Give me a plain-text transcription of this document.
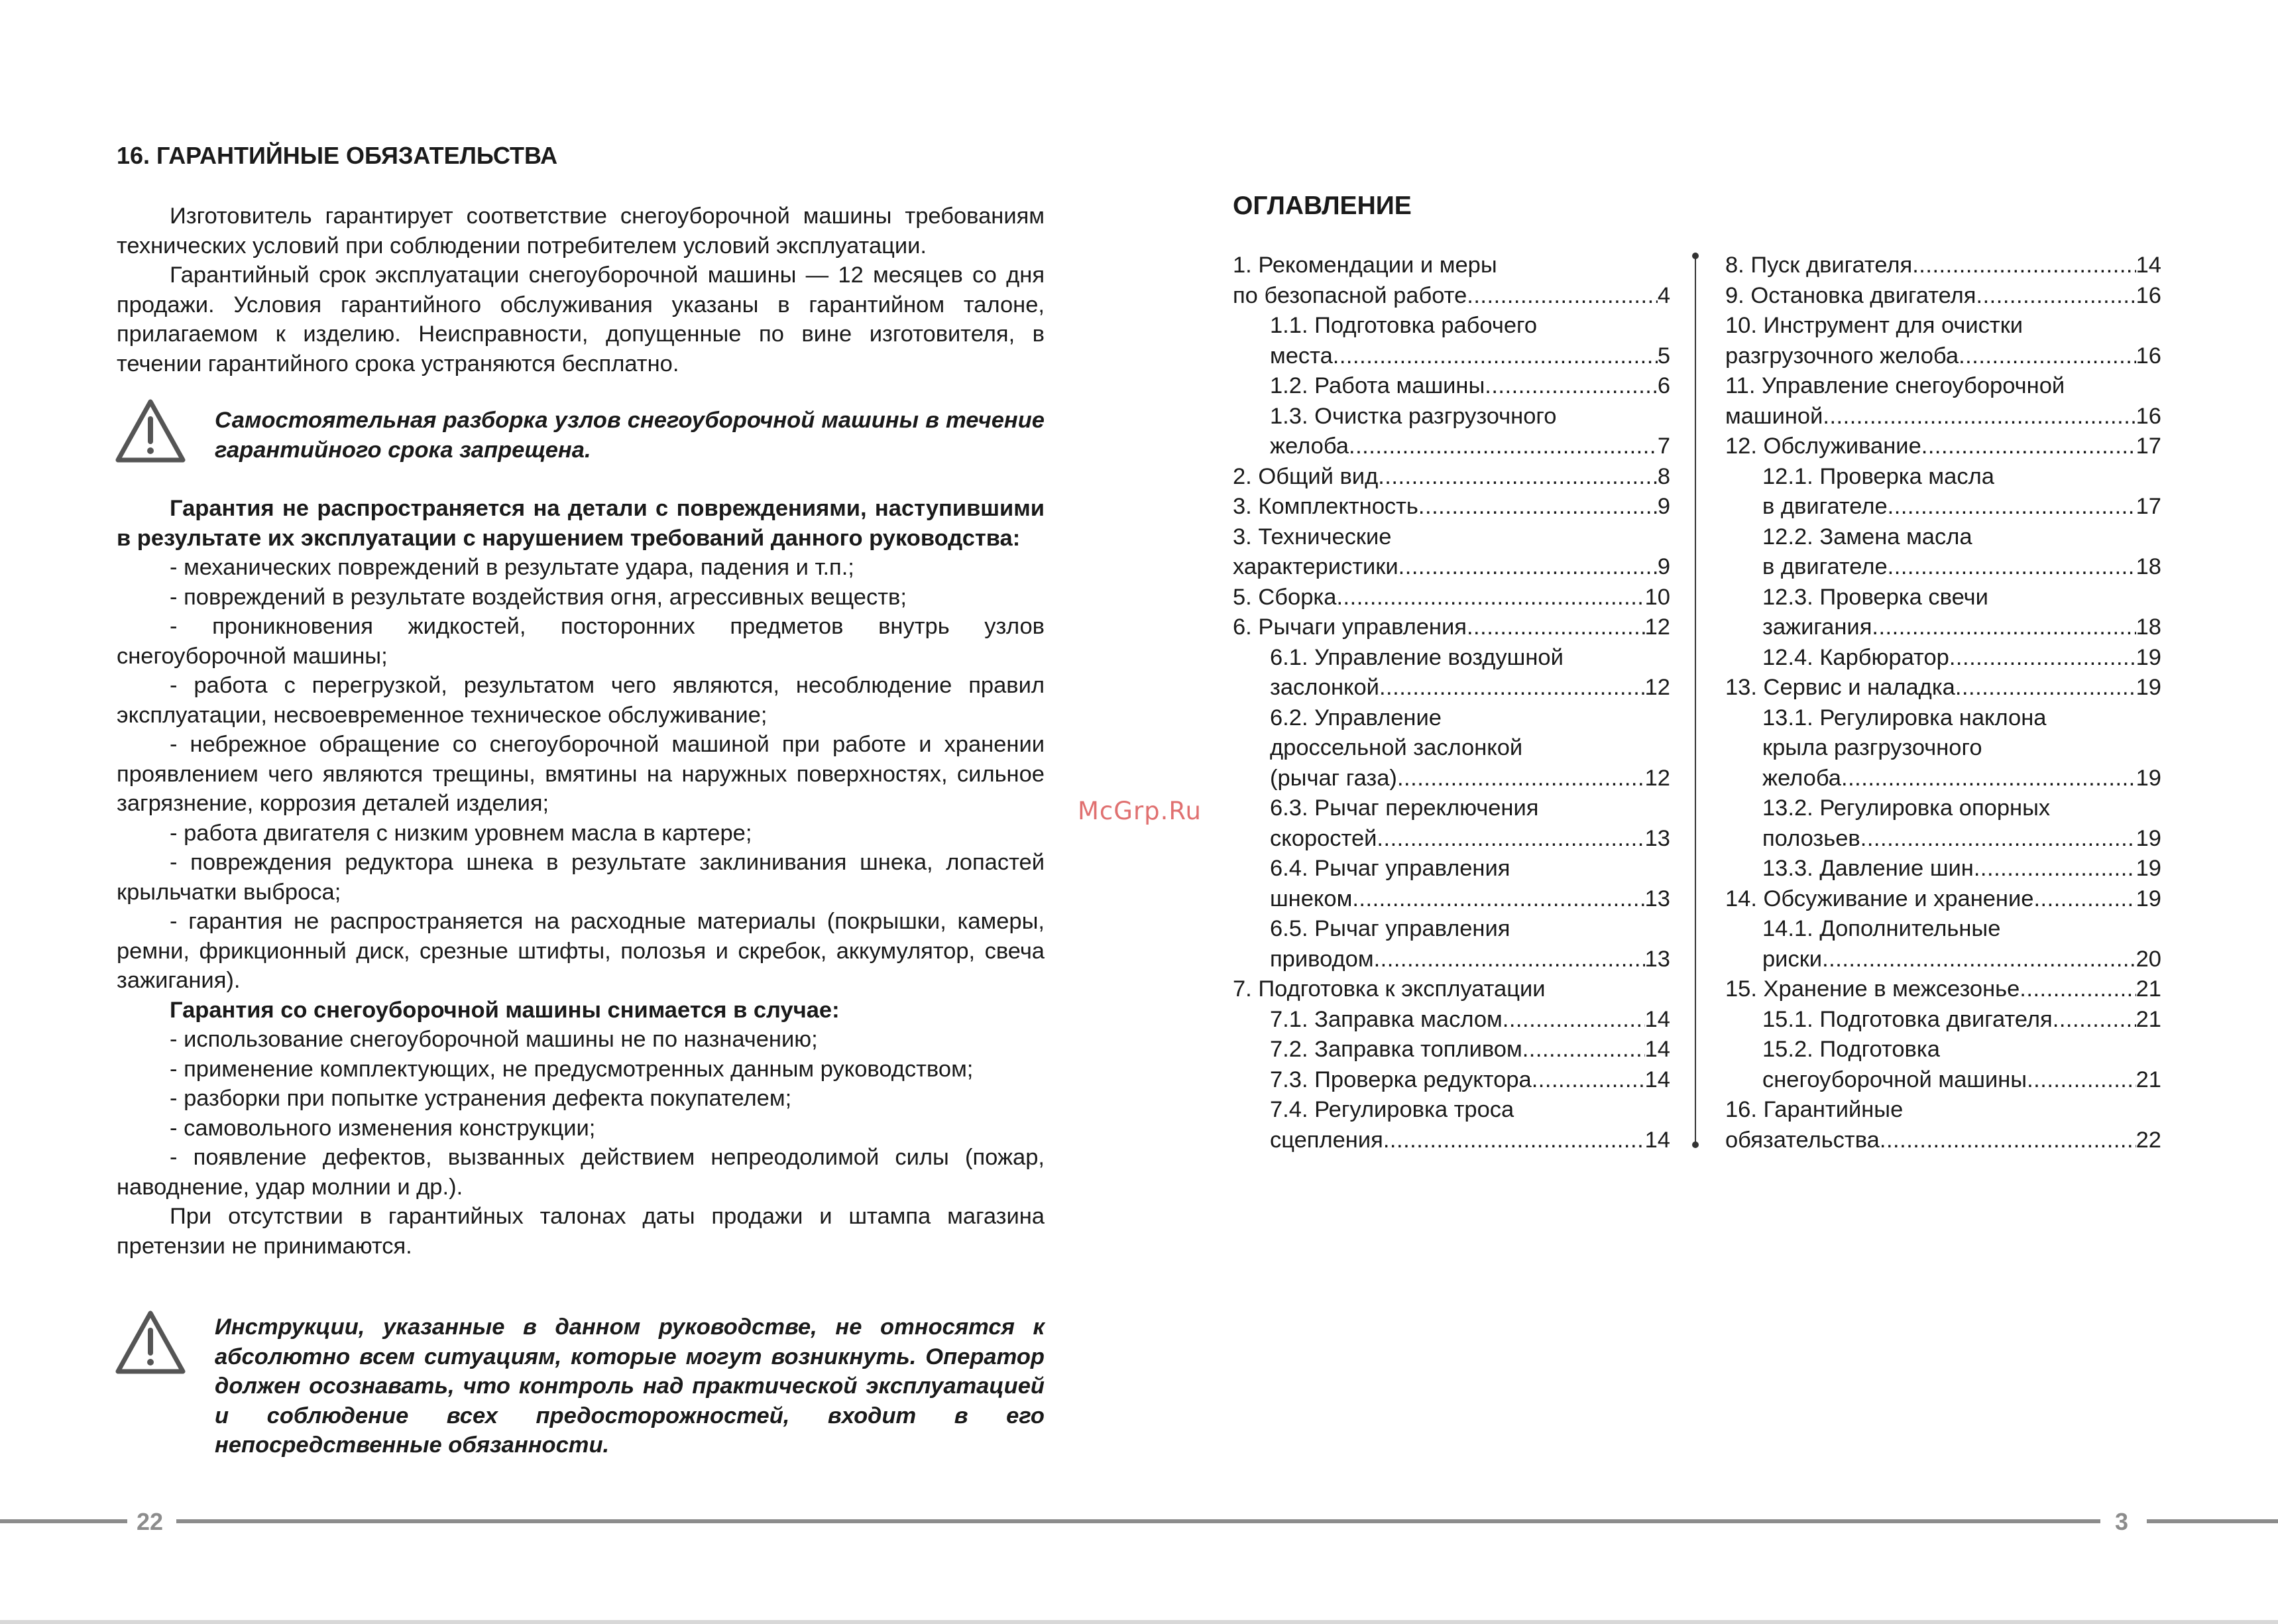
16. ГАРАНТИЙНЫЕ ОБЯЗАТЕЛЬСТВА

Изготовитель гарантирует соответствие снегоуборочной машины требованиям технических условий при соблюдении потребителем условий эксплуатации.

Гарантийный срок эксплуатации снегоуборочной машины — 12 месяцев со дня продажи. Условия гарантийного обслуживания указаны в гарантийном талоне, прилагаемом к изделию. Неисправности, допущенные по вине изготовителя, в течении гарантийного срока устраняются бесплатно.

Самостоятельная разборка узлов снегоуборочной машины в течение гарантийного срока запрещена.

Гарантия не распространяется на детали с повреждениями, наступившими в результате их эксплуатации с нарушением требований данного руководства:

- механических повреждений в результате удара, падения и т.п.;

- повреждений в результате воздействия огня, агрессивных веществ;

- проникновения жидкостей, посторонних предметов внутрь узлов снегоуборочной машины;

- работа с перегрузкой, результатом чего являются, несоблюдение правил эксплуатации, несвоевременное техническое обслуживание;

- небрежное обращение со снегоуборочной машиной при работе и хранении проявлением чего являются трещины, вмятины на наружных поверхностях, сильное загрязнение, коррозия деталей изделия;

- работа двигателя с низким уровнем масла в картере;

- повреждения редуктора шнека в результате заклинивания шнека, лопастей крыльчатки выброса;

- гарантия не распространяется на расходные материалы (покрышки, камеры, ремни, фрикционный диск, срезные штифты, полозья и скребок, аккумулятор, свеча зажигания).

Гарантия со снегоуборочной машины снимается в случае:

- использование снегоуборочной машины не по назначению;

- применение комплектующих, не предусмотренных данным руководством;

- разборки при попытке устранения дефекта покупателем;

- самовольного изменения конструкции;

- появление дефектов, вызванных действием непреодолимой силы (пожар, наводнение, удар молнии и др.).

При отсутствии в гарантийных талонах даты продажи и штампа магазина претензии не принимаются.

Инструкции, указанные в данном руководстве, не относятся к абсолютно всем ситуациям, которые могут возникнуть. Оператор должен осознавать, что контроль над практической эксплуатацией и соблюдение всех предосторожностей, входит в его непосредственные обязанности.

22
McGrp.Ru
3
ОГЛАВЛЕНИЕ
1. Рекомендации и меры
по безопасной работе .....	4
1.1. Подготовка рабочего
места .....	5
1.2. Работа машины .....	6
1.3. Очистка разгрузочного
желоба .....	7
2. Общий вид .....	8
3. Комплектность .....	9
3. Технические
характеристики .....	9
5. Сборка .....	10
6. Рычаги управления .....	12
6.1. Управление воздушной
заслонкой .....	12
6.2. Управление
дроссельной заслонкой
(рычаг газа) .....	12
6.3. Рычаг переключения
скоростей .....	13
6.4. Рычаг управления
шнеком .....	13
6.5. Рычаг управления
приводом .....	13
7. Подготовка к эксплуатации
7.1. Заправка маслом .....	14
7.2. Заправка топливом .....	14
7.3. Проверка редуктора .....	14
7.4. Регулировка троса
сцепления .....	14
8. Пуск двигателя .....	14
9. Остановка двигателя .....	16
10. Инструмент для очистки
разгрузочного желоба .....	16
11. Управление снегоуборочной
машиной .....	16
12. Обслуживание .....	17
12.1. Проверка масла
в двигателе .....	17
12.2. Замена масла
в двигателе .....	18
12.3. Проверка свечи
зажигания .....	18
12.4. Карбюратор .....	19
13. Сервис и наладка .....	19
13.1. Регулировка наклона
крыла разгрузочного
желоба .....	19
13.2. Регулировка опорных
полозьев .....	19
13.3. Давление шин .....	19
14. Обсуживание и хранение .....	19
14.1. Дополнительные
риски .....	20
15. Хранение в межсезонье .....	21
15.1. Подготовка двигателя .....	21
15.2. Подготовка
снегоуборочной машины .....	21
16. Гарантийные
обязательства .....	22
